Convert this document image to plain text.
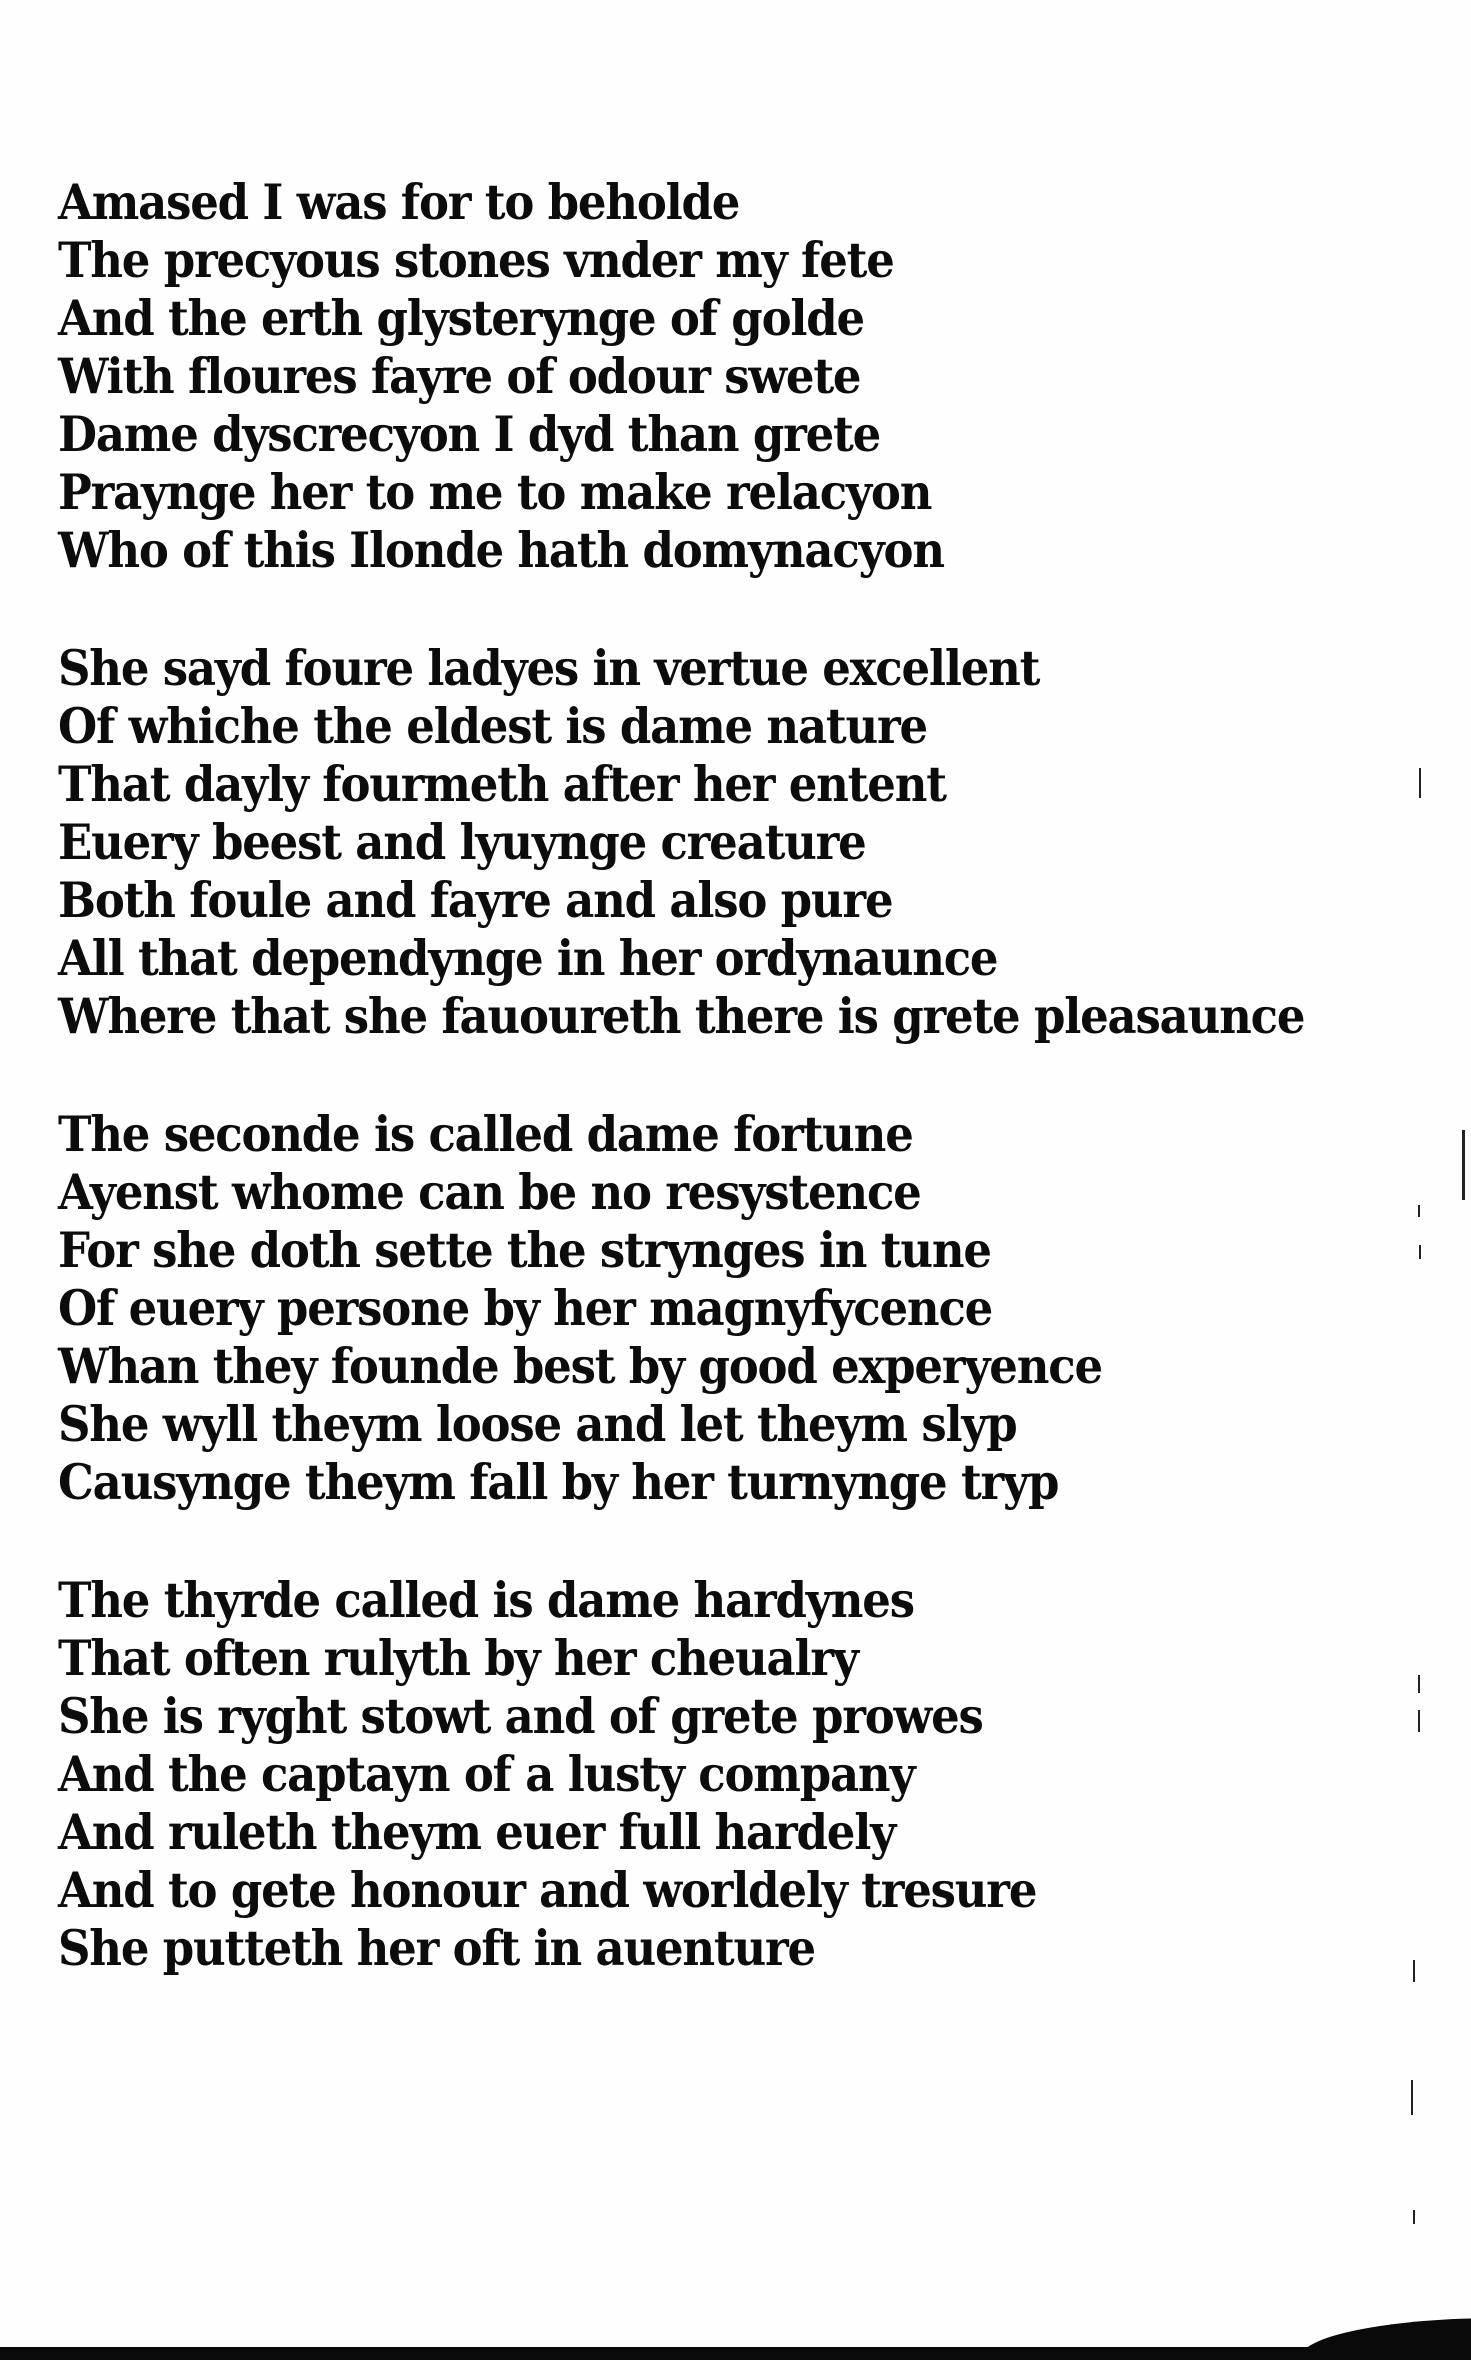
Amased I was for to beholde
The precyous stones vnder my fete
And the erth glysterynge of golde
With floures fayre of odour swete
Dame dyscrecyon I dyd than grete
Praynge her to me to make relacyon
Who of this Ilonde hath domynacyon
She sayd foure ladyes in vertue excellent
Of whiche the eldest is dame nature
That dayly fourmeth after her entent
Euery beest and lyuynge creature
Both foule and fayre and also pure
All that dependynge in her ordynaunce
Where that she fauoureth there is grete pleasaunce
The seconde is called dame fortune
Ayenst whome can be no resystence
For she doth sette the strynges in tune
Of euery persone by her magnyfycence
Whan they founde best by good experyence
She wyll theym loose and let theym slyp
Causynge theym fall by her turnynge tryp
The thyrde called is dame hardynes
That often rulyth by her cheualry
She is ryght stowt and of grete prowes
And the captayn of a lusty company
And ruleth theym euer full hardely
And to gete honour and worldely tresure
She putteth her oft in auenture
